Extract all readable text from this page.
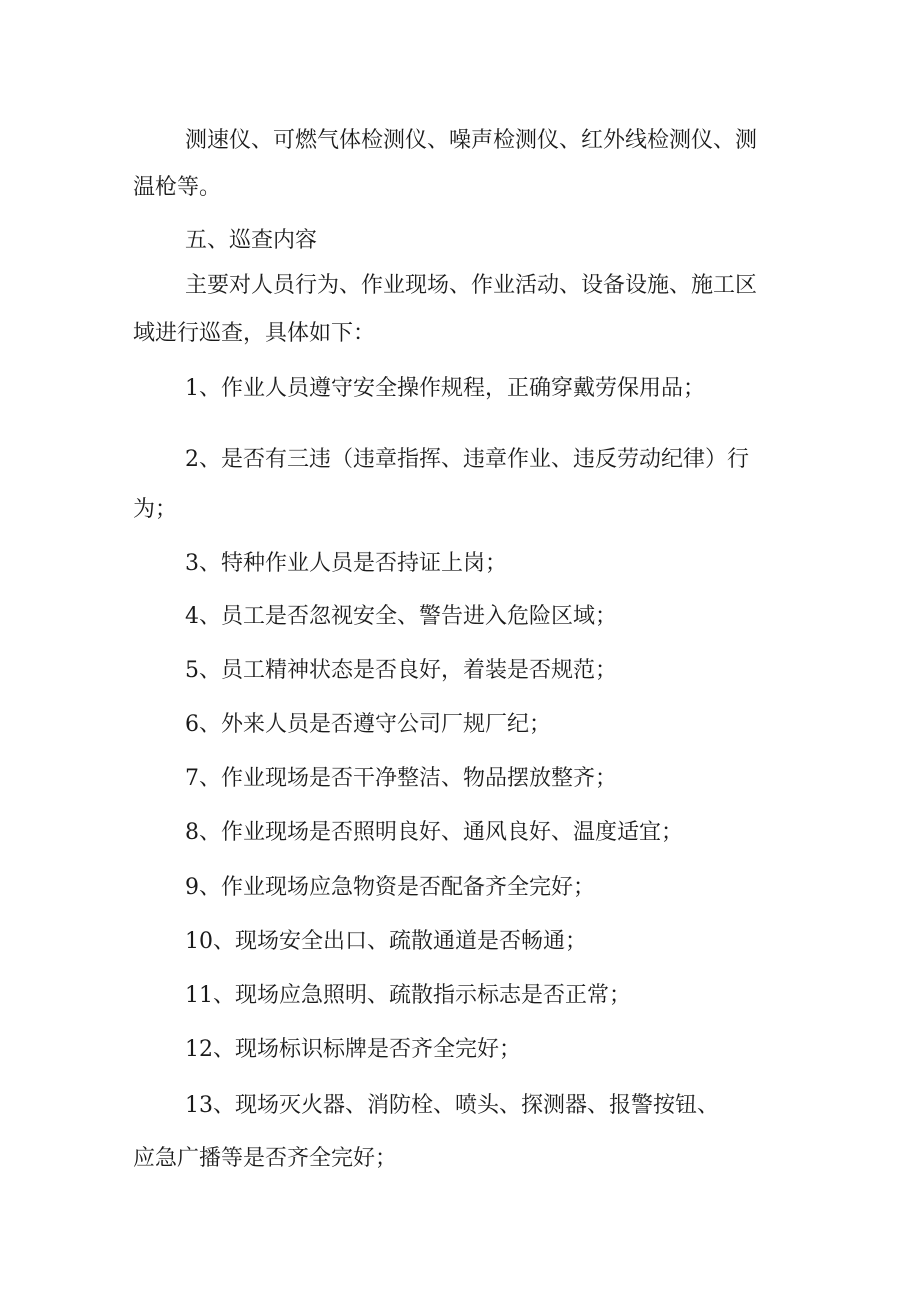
测速仪、可燃气体检测仪、噪声检测仪、红外线检测仪、测
温枪等。
五、巡查内容
主要对人员行为、作业现场、作业活动、设备设施、施工区
域进行巡查，具体如下：
1、作业人员遵守安全操作规程，正确穿戴劳保用品；
2、是否有三违（违章指挥、违章作业、违反劳动纪律）行
为；
3、特种作业人员是否持证上岗；
4、员工是否忽视安全、警告进入危险区域；
5、员工精神状态是否良好，着装是否规范；
6、外来人员是否遵守公司厂规厂纪；
7、作业现场是否干净整洁、物品摆放整齐；
8、作业现场是否照明良好、通风良好、温度适宜；
9、作业现场应急物资是否配备齐全完好；
10、现场安全出口、疏散通道是否畅通；
11、现场应急照明、疏散指示标志是否正常；
12、现场标识标牌是否齐全完好；
13、现场灭火器、消防栓、喷头、探测器、报警按钮、
应急广播等是否齐全完好；
